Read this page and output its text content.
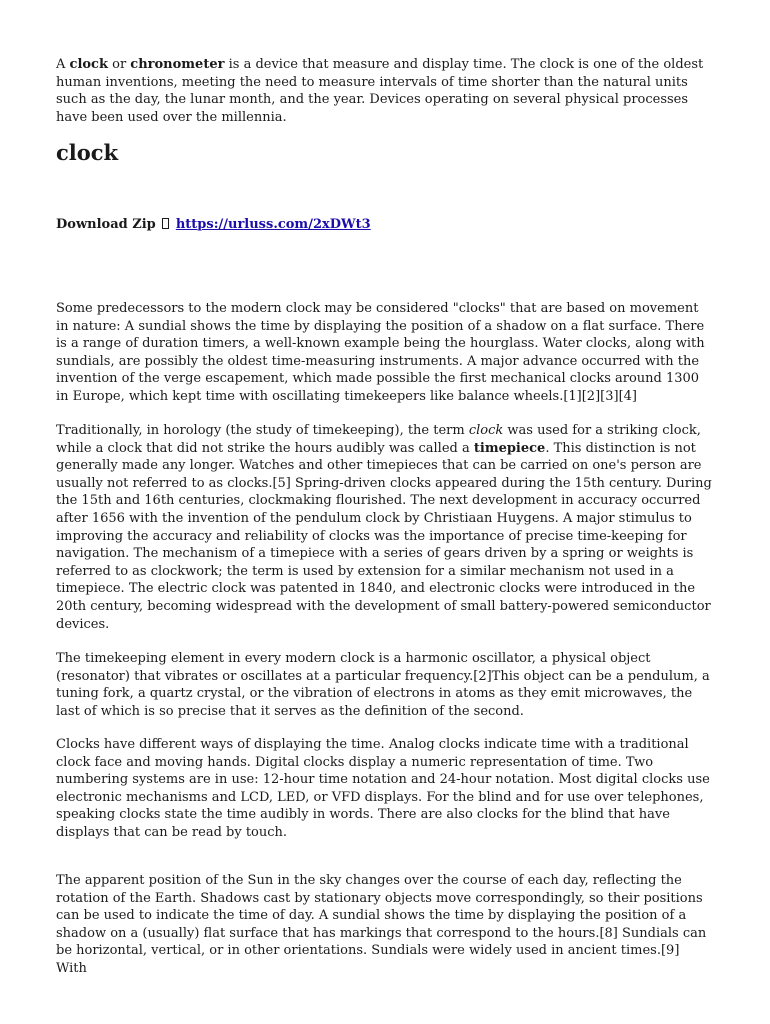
A clock or chronometer is a device that measure and display time. The clock is one of the oldest human inventions, meeting the need to measure intervals of time shorter than the natural units such as the day, the lunar month, and the year. Devices operating on several physical processes have been used over the millennia.

clock

Download Zip https://urluss.com/2xDWt3

Some predecessors to the modern clock may be considered "clocks" that are based on movement in nature: A sundial shows the time by displaying the position of a shadow on a flat surface. There is a range of duration timers, a well-known example being the hourglass. Water clocks, along with sundials, are possibly the oldest time-measuring instruments. A major advance occurred with the invention of the verge escapement, which made possible the first mechanical clocks around 1300 in Europe, which kept time with oscillating timekeepers like balance wheels.[1][2][3][4]

Traditionally, in horology (the study of timekeeping), the term clock was used for a striking clock, while a clock that did not strike the hours audibly was called a timepiece. This distinction is not generally made any longer. Watches and other timepieces that can be carried on one's person are usually not referred to as clocks.[5] Spring-driven clocks appeared during the 15th century. During the 15th and 16th centuries, clockmaking flourished. The next development in accuracy occurred after 1656 with the invention of the pendulum clock by Christiaan Huygens. A major stimulus to improving the accuracy and reliability of clocks was the importance of precise time-keeping for navigation. The mechanism of a timepiece with a series of gears driven by a spring or weights is referred to as clockwork; the term is used by extension for a similar mechanism not used in a timepiece. The electric clock was patented in 1840, and electronic clocks were introduced in the 20th century, becoming widespread with the development of small battery-powered semiconductor devices.

The timekeeping element in every modern clock is a harmonic oscillator, a physical object (resonator) that vibrates or oscillates at a particular frequency.[2]This object can be a pendulum, a tuning fork, a quartz crystal, or the vibration of electrons in atoms as they emit microwaves, the last of which is so precise that it serves as the definition of the second.

Clocks have different ways of displaying the time. Analog clocks indicate time with a traditional clock face and moving hands. Digital clocks display a numeric representation of time. Two numbering systems are in use: 12-hour time notation and 24-hour notation. Most digital clocks use electronic mechanisms and LCD, LED, or VFD displays. For the blind and for use over telephones, speaking clocks state the time audibly in words. There are also clocks for the blind that have displays that can be read by touch.

The apparent position of the Sun in the sky changes over the course of each day, reflecting the rotation of the Earth. Shadows cast by stationary objects move correspondingly, so their positions can be used to indicate the time of day. A sundial shows the time by displaying the position of a shadow on a (usually) flat surface that has markings that correspond to the hours.[8] Sundials can be horizontal, vertical, or in other orientations. Sundials were widely used in ancient times.[9] With
